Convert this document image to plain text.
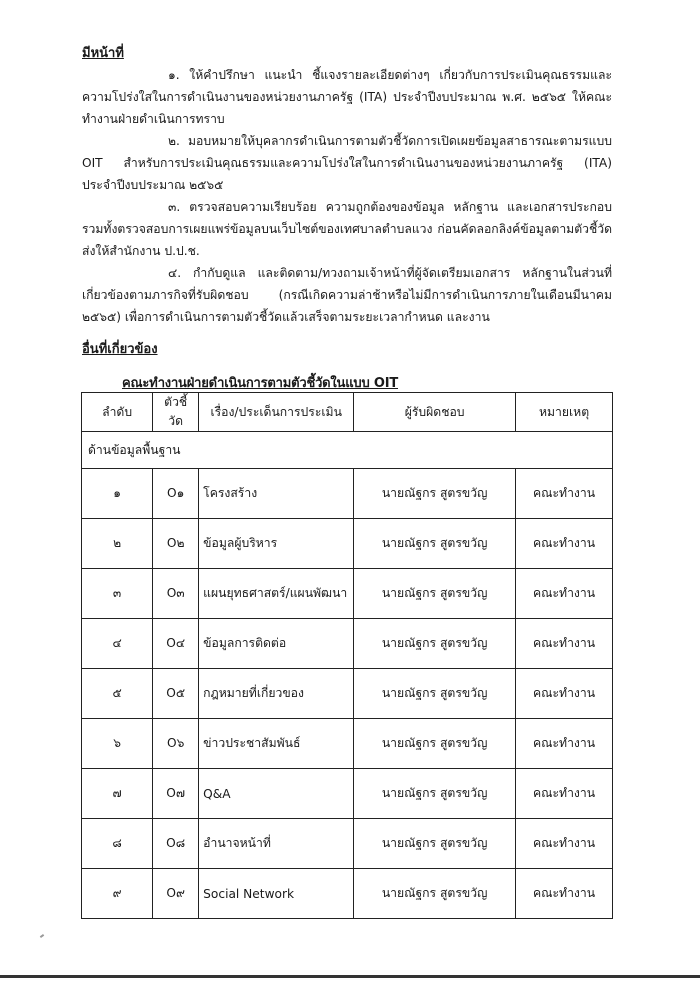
มีหน้าที่

๑. ให้คำปรึกษา แนะนำ ชี้แจงรายละเอียดต่างๆ เกี่ยวกับการประเมินคุณธรรมและความโปร่งใสในการดำเนินงานของหน่วยงานภาครัฐ (ITA) ประจำปีงบประมาณ พ.ศ. ๒๕๖๕ ให้คณะทำงานฝ่ายดำเนินการทราบ

๒. มอบหมายให้บุคลากรดำเนินการตามตัวชี้วัดการเปิดเผยข้อมูลสาธารณะตามรแบบ OIT สำหรับการประเมินคุณธรรมและความโปร่งใสในการดำเนินงานของหน่วยงานภาครัฐ (ITA) ประจำปีงบประมาณ ๒๕๖๕

๓. ตรวจสอบความเรียบร้อย ความถูกต้องของข้อมูล หลักฐาน และเอกสารประกอบ รวมทั้งตรวจสอบการเผยแพร่ข้อมูลบนเว็บไซต์ของเทศบาลตำบลแวง ก่อนคัดลอกลิงค์ข้อมูลตามตัวชี้วัดส่งให้สำนักงาน ป.ป.ช.

๔. กำกับดูแล และติดตาม/ทวงถามเจ้าหน้าที่ผู้จัดเตรียมเอกสาร หลักฐานในส่วนที่เกี่ยวข้องตามภารกิจที่รับผิดชอบ (กรณีเกิดความล่าช้าหรือไม่มีการดำเนินการภายในเดือนมีนาคม ๒๕๖๕) เพื่อการดำเนินการตามตัวชี้วัดแล้วเสร็จตามระยะเวลากำหนด และงาน

อื่นที่เกี่ยวข้อง
คณะทำงานฝ่ายดำเนินการตามตัวชี้วัดในแบบ OIT
ลำดับ	ตัวชี้วัด	เรื่อง/ประเด็นการประเมิน	ผู้รับผิดชอบ	หมายเหตุ
ด้านข้อมูลพื้นฐาน				
๑	O๑	โครงสร้าง	นายณัฐกร สูตรขวัญ	คณะทำงาน
๒	O๒	ข้อมูลผู้บริหาร	นายณัฐกร สูตรขวัญ	คณะทำงาน
๓	O๓	แผนยุทธศาสตร์/แผนพัฒนา	นายณัฐกร สูตรขวัญ	คณะทำงาน
๔	O๔	ข้อมูลการติดต่อ	นายณัฐกร สูตรขวัญ	คณะทำงาน
๕	O๕	กฎหมายที่เกี่ยวของ	นายณัฐกร สูตรขวัญ	คณะทำงาน
๖	O๖	ข่าวประชาสัมพันธ์	นายณัฐกร สูตรขวัญ	คณะทำงาน
๗	O๗	Q&A	นายณัฐกร สูตรขวัญ	คณะทำงาน
๘	O๘	อำนาจหน้าที่	นายณัฐกร สูตรขวัญ	คณะทำงาน
๙	O๙	Social Network	นายณัฐกร สูตรขวัญ	คณะทำงาน
